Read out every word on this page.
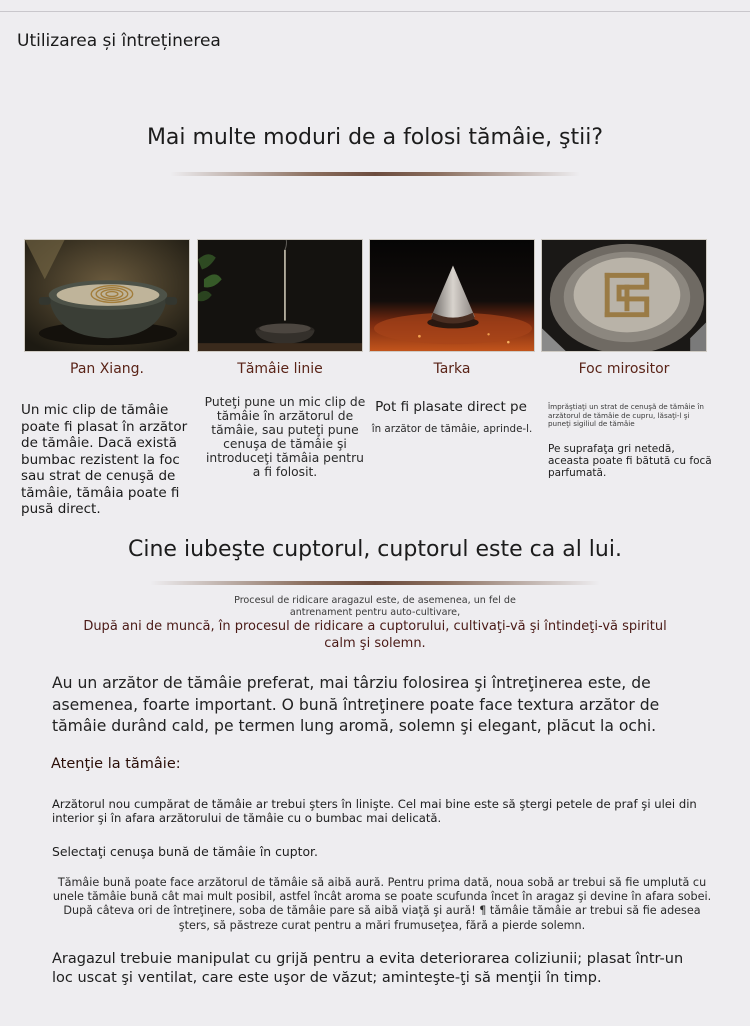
Utilizarea și întreținerea
Mai multe moduri de a folosi tămâie, ştii?
Pan Xiang.	Tămâie linie	Tarka	Foc mirositor
Un mic clip de tămâie poate fi plasat în arzător de tămâie. Dacă există bumbac rezistent la foc sau strat de cenuşă de tămâie, tămâia poate fi pusă direct.
Puteţi pune un mic clip de tămâie în arzătorul de tămâie, sau puteţi pune cenuşa de tămâie şi introduceţi tămâia pentru a fi folosit.
Pot fi plasate direct pe
în arzător de tămâie, aprinde-l.
Împrăştiaţi un strat de cenuşă de tămâie în arzătorul de tămâie de cupru, lăsaţi-l şi puneţi sigiliul de tămâie
Pe suprafaţa gri netedă, aceasta poate fi bătută cu focă parfumată.
Cine iubeşte cuptorul, cuptorul este ca al lui.
Procesul de ridicare aragazul este, de asemenea, un fel de antrenament pentru auto-cultivare,
După ani de muncă, în procesul de ridicare a cuptorului, cultivaţi-vă şi întindeţi-vă spiritul calm şi solemn.
Au un arzător de tămâie preferat, mai târziu folosirea şi întreţinerea este, de asemenea, foarte important. O bună întreţinere poate face textura arzător de tămâie durând cald, pe termen lung aromă, solemn şi elegant, plăcut la ochi.
Atenţie la tămâie:
Arzătorul nou cumpărat de tămâie ar trebui şters în linişte. Cel mai bine este să ştergi petele de praf şi ulei din interior şi în afara arzătorului de tămâie cu o bumbac mai delicată.
Selectaţi cenuşa bună de tămâie în cuptor.
Tămâie bună poate face arzătorul de tămâie să aibă aură. Pentru prima dată, noua sobă ar trebui să fie umplută cu unele tămâie bună cât mai mult posibil, astfel încât aroma se poate scufunda încet în aragaz şi devine în afara sobei. După câteva ori de întreţinere, soba de tămâie pare să aibă viaţă şi aură! ¶ tămâie tămâie ar trebui să fie adesea şters, să păstreze curat pentru a mări frumuseţea, fără a pierde solemn.
Aragazul trebuie manipulat cu grijă pentru a evita deteriorarea coliziunii; plasat într-un loc uscat şi ventilat, care este uşor de văzut; aminteşte-ţi să menţii în timp.
